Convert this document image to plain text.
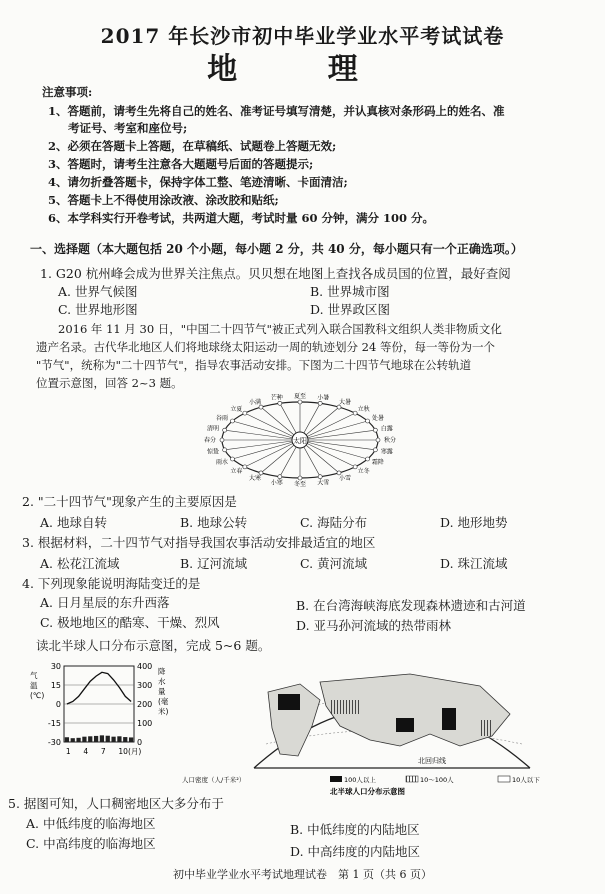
2017 年长沙市初中毕业学业水平考试试卷
地 理
注意事项:
1、答题前，请考生先将自己的姓名、准考证号填写清楚，并认真核对条形码上的姓名、准
考证号、考室和座位号;
2、必须在答题卡上答题，在草稿纸、试题卷上答题无效;
3、答题时，请考生注意各大题题号后面的答题提示;
4、请勿折叠答题卡，保持字体工整、笔迹清晰、卡面清洁;
5、答题卡上不得使用涂改液、涂改胶和贴纸;
6、本学科实行开卷考试，共两道大题，考试时量 60 分钟，满分 100 分。
一、选择题（本大题包括 20 个小题，每小题 2 分，共 40 分，每小题只有一个正确选项。）
1. G20 杭州峰会成为世界关注焦点。贝贝想在地图上查找各成员国的位置，最好查阅
A. 世界气候图	B. 世界城市图
C. 世界地形图	D. 世界政区图
2016 年 11 月 30 日，"中国二十四节气"被正式列入联合国教科文组织人类非物质文化
遗产名录。古代华北地区人们将地球绕太阳运动一周的轨迹划分 24 等份，每一等份为一个
"节气"，统称为"二十四节气"，指导农事活动安排。下图为二十四节气地球在公转轨道
位置示意图，回答 2~3 题。
太阳
春分
清明
谷雨
立夏
小满
芒种 夏至 小暑
大暑
立秋
处暑
白露
秋分
寒露
霜降
立冬
小雪
大雪
冬至
小寒
大寒
立春
雨水
惊蛰
2. "二十四节气"现象产生的主要原因是
A. 地球自转	B. 地球公转	C. 海陆分布	D. 地形地势
3. 根据材料，二十四节气对指导我国农事活动安排最适宜的地区
A. 松花江流域	B. 辽河流域	C. 黄河流域	D. 珠江流域
4. 下列现象能说明海陆变迁的是
A. 日月星辰的东升西落	B. 在台湾海峡海底发现森林遗迹和古河道
C. 极地地区的酷寒、干燥、烈风	D. 亚马孙河流域的热带雨林
读北半球人口分布示意图，完成 5~6 题。
30
15
0
-15
-30
400
300
200
100
0
1 4 7 10(月)
气
温
(℃)
降
水
量
(毫
米)
北回归线
人口密度（人/千米²）	100人以上	10～100人	10人以下
北半球人口分布示意图
5. 据图可知，人口稠密地区大多分布于
A. 中低纬度的临海地区	B. 中低纬度的内陆地区
C. 中高纬度的临海地区
D. 中高纬度的内陆地区
初中毕业学业水平考试地理试卷　第 1 页（共 6 页）
